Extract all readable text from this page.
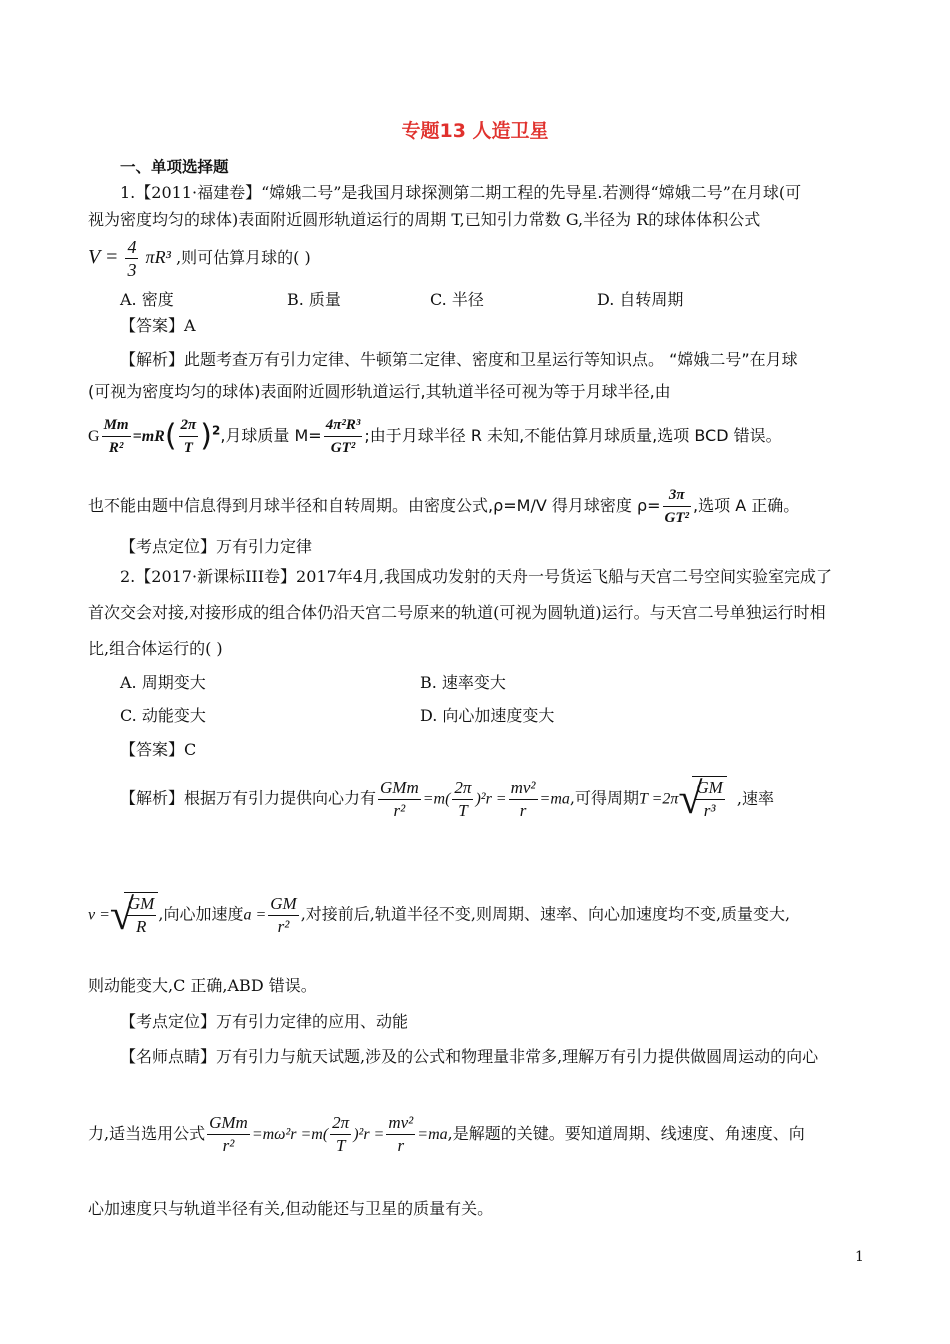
专题13 人造卫星
一、单项选择题
1.【2011·福建卷】“嫦娥二号”是我国月球探测第二期工程的先导星.若测得“嫦娥二号”在月球(可
视为密度均匀的球体)表面附近圆形轨道运行的周期 T,已知引力常数 G,半径为 R的球体体积公式
$V = \frac{4}{3} \pi R^3$ ,则可估算月球的( )
A. 密度	B. 质量	C. 半径	D. 自转周期
【答案】A
【解析】此题考查万有引力定律、牛顿第二定律、密度和卫星运行等知识点。 “嫦娥二号”在月球
(可视为密度均匀的球体)表面附近圆形轨道运行,其轨道半径可视为等于月球半径,由
G $\frac{Mm}{\text{R²}} =mR( \frac{2\pi}{T} )^2$,月球质量 $M= \frac{\text{4π²R³}}{\text{GT²}}$ ;由于月球半径 R 未知,不能估算月球质量,选项 BCD 错误。
也不能由题中信息得到月球半径和自转周期。由密度公式,ρ=M/V 得月球密度 $\rho= \frac{3\pi}{\text{GT²}}$ ,选项 A 正确。
【考点定位】万有引力定律
2.【2017·新课标III卷】2017年4月,我国成功发射的天舟一号货运飞船与天宫二号空间实验室完成了
首次交会对接,对接形成的组合体仍沿天宫二号原来的轨道(可视为圆轨道)运行。与天宫二号单独运行时相
比,组合体运行的( )
A. 周期变大	B. 速率变大
C. 动能变大	D. 向心加速度变大
【答案】C
【解析】根据万有引力提供向心力有 $\frac{\text{GMm}}{\text{r²}} =m( \frac{2\pi}{T} )^2r = \frac{\text{mv²}}{r} =ma$,可得周期T =2π √
$\frac{GM}{\text{r³}}$ ,速率
v = √
$\frac{GM}{R}$ ,向心加速度$a = \frac{GM}{\text{r²}}$ ,对接前后,轨道半径不变,则周期、速率、向心加速度均不变,质量变大,
则动能变大,C 正确,ABD 错误。
【考点定位】万有引力定律的应用、动能
【名师点睛】万有引力与航天试题,涉及的公式和物理量非常多,理解万有引力提供做圆周运动的向心
力,适当选用公式 $\frac{\text{GMm}}{\text{r²}} =m\omega^2r =m( \frac{2\pi}{T} )^2r = \frac{\text{mv²}}{r} =ma$,是解题的关键。要知道周期、线速度、角速度、向
心加速度只与轨道半径有关,但动能还与卫星的质量有关。
1
